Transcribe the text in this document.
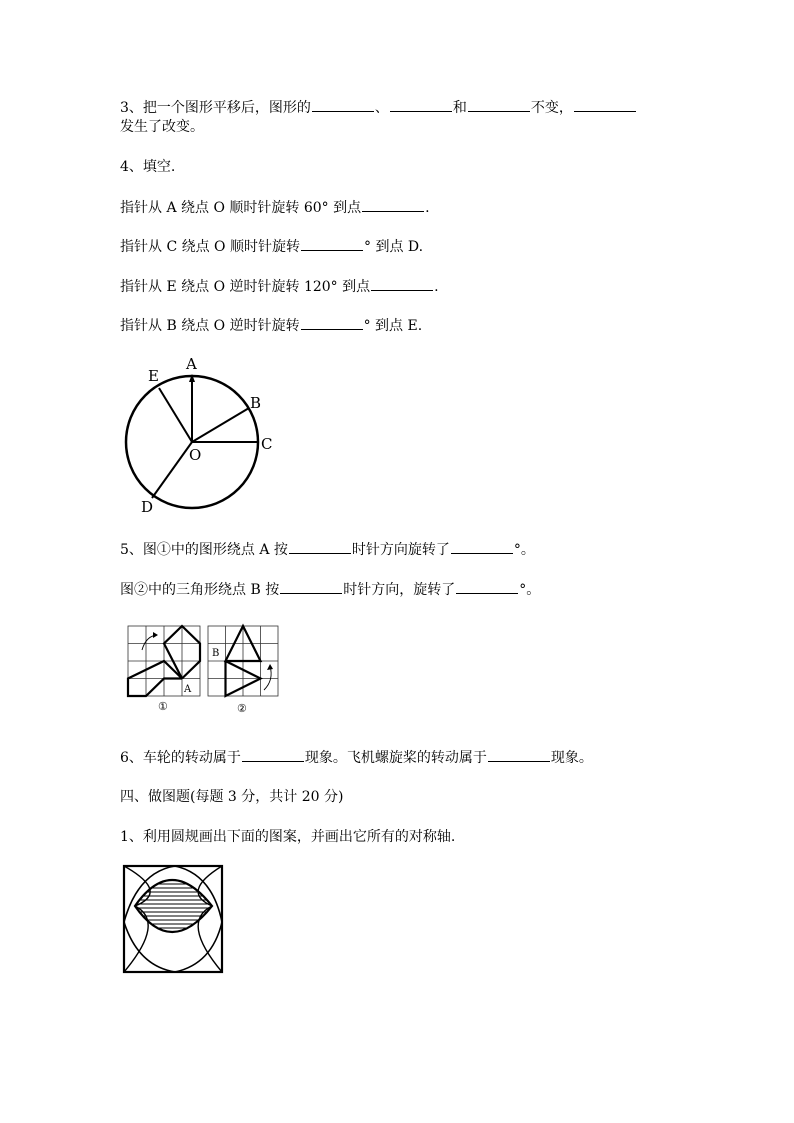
3、把一个图形平移后，图形的	、	和	不变，
发生了改变。
4、填空.
指针从 A 绕点 O 顺时针旋转 60° 到点	.
指针从 C 绕点 O 顺时针旋转	° 到点 D.
指针从 E 绕点 O 逆时针旋转 120° 到点	.
指针从 B 绕点 O 逆时针旋转	° 到点 E.
A
B
C
D
E
O
5、图①中的图形绕点 A 按	时针方向旋转了	°。
图②中的三角形绕点 B 按	时针方向，旋转了	°。
A
①
B
②
6、车轮的转动属于	现象。飞机螺旋桨的转动属于	现象。
四、做图题(每题 3 分，共计 20 分)
1、利用圆规画出下面的图案，并画出它所有的对称轴.
